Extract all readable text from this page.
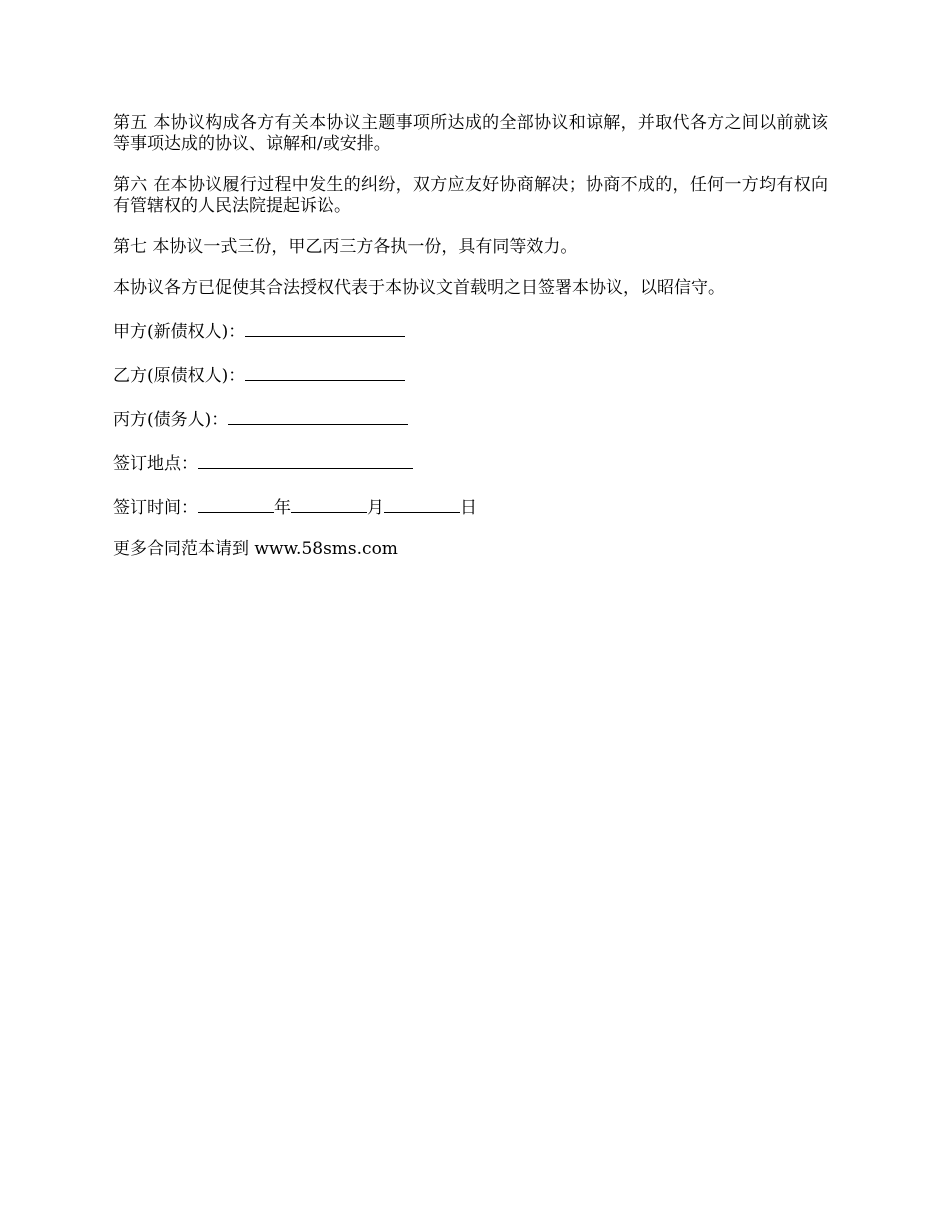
第五 本协议构成各方有关本协议主题事项所达成的全部协议和谅解，并取代各方之间以前就该等事项达成的协议、谅解和/或安排。

第六 在本协议履行过程中发生的纠纷，双方应友好协商解决；协商不成的，任何一方均有权向有管辖权的人民法院提起诉讼。

第七 本协议一式三份，甲乙丙三方各执一份，具有同等效力。

本协议各方已促使其合法授权代表于本协议文首载明之日签署本协议，以昭信守。

甲方(新债权人)：

乙方(原债权人)：

丙方(债务人)：

签订地点：

签订时间：	年	月	日

更多合同范本请到 www.58sms.com
